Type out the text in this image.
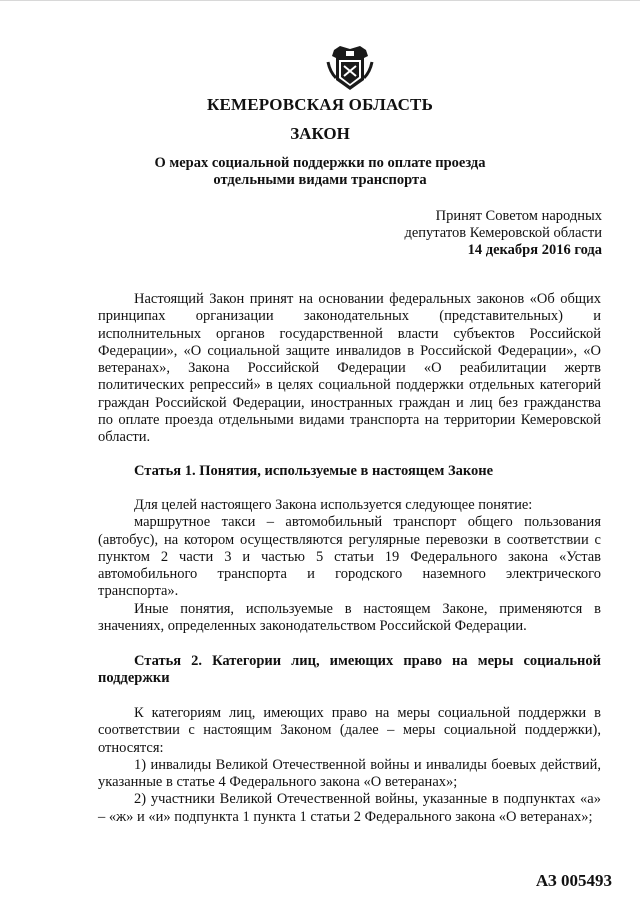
КЕМЕРОВСКАЯ ОБЛАСТЬ
ЗАКОН
О мерах социальной поддержки по оплате проезда
отдельными видами транспорта
Принят Советом народных
депутатов Кемеровской области
14 декабря 2016 года

Настоящий Закон принят на основании федеральных законов «Об общих принципах организации законодательных (представительных) и исполнительных органов государственной власти субъектов Российской Федерации», «О социальной защите инвалидов в Российской Федерации», «О ветеранах», Закона Российской Федерации «О реабилитации жертв политических репрессий» в целях социальной поддержки отдельных категорий граждан Российской Федерации, иностранных граждан и лиц без гражданства по оплате проезда отдельными видами транспорта на территории Кемеровской области.

Статья 1. Понятия, используемые в настоящем Законе

Для целей настоящего Закона используется следующее понятие:

маршрутное такси – автомобильный транспорт общего пользования (автобус), на котором осуществляются регулярные перевозки в соответствии с пунктом 2 части 3 и частью 5 статьи 19 Федерального закона «Устав автомобильного транспорта и городского наземного электрического транспорта».

Иные понятия, используемые в настоящем Законе, применяются в значениях, определенных законодательством Российской Федерации.

Статья 2. Категории лиц, имеющих право на меры социальной поддержки

К категориям лиц, имеющих право на меры социальной поддержки в соответствии с настоящим Законом (далее – меры социальной поддержки), относятся:

1) инвалиды Великой Отечественной войны и инвалиды боевых действий, указанные в статье 4 Федерального закона «О ветеранах»;

2) участники Великой Отечественной войны, указанные в подпунктах «а» – «ж» и «и» подпункта 1 пункта 1 статьи 2 Федерального закона «О ветеранах»;

АЗ 005493
